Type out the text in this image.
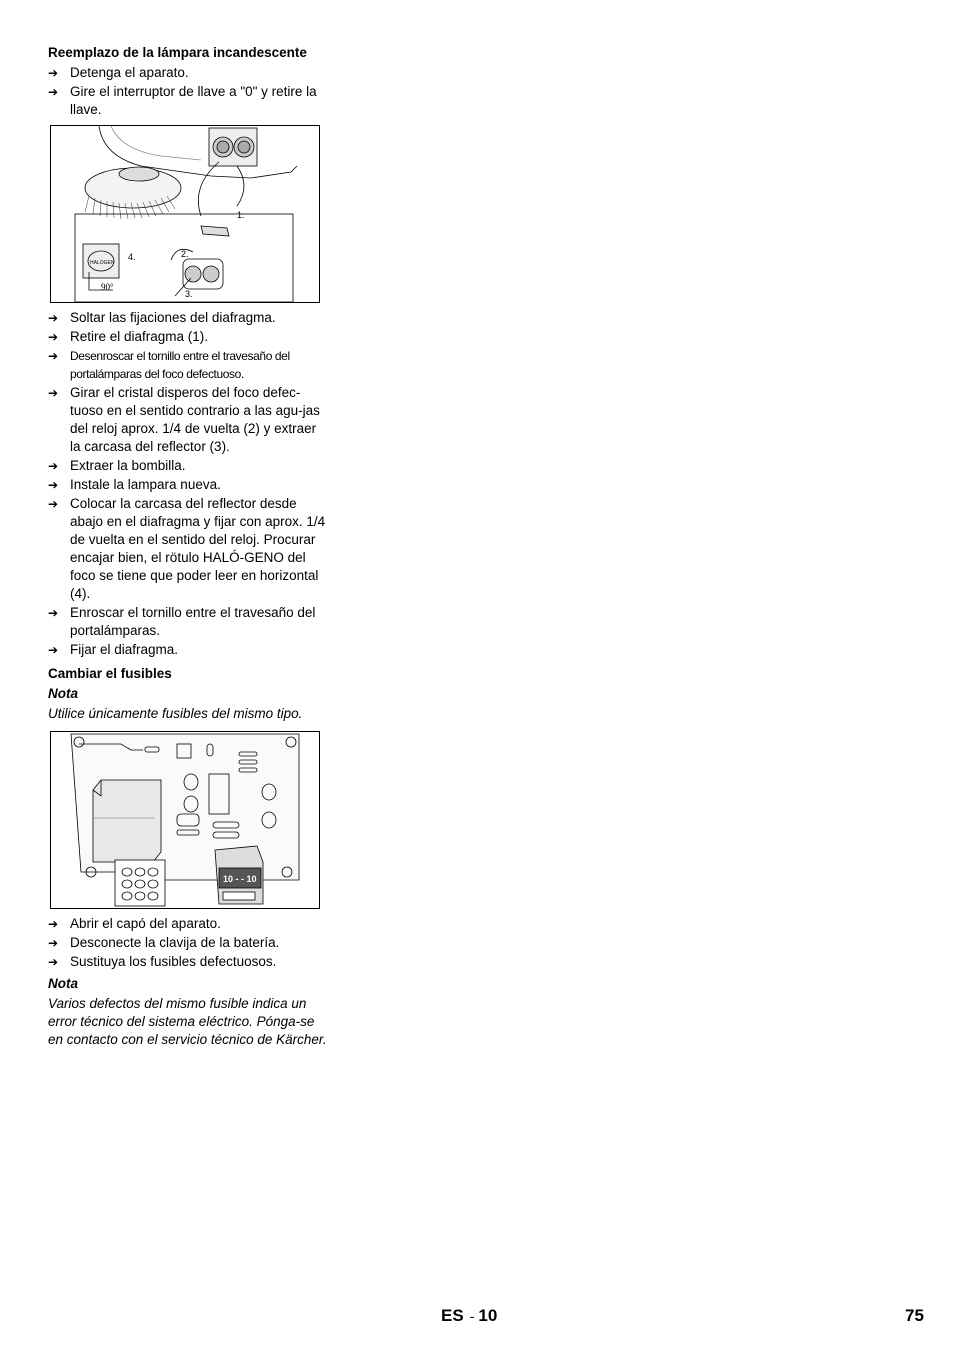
Reemplazo de la lámpara incandescente
➔ Detenga el aparato.
➔ Gire el interruptor de llave a "0" y retire la llave.
1.
2.
3.
4.
HALOGEN
90°
➔ Soltar las fijaciones del diafragma.
➔ Retire el diafragma (1).
➔ Desenroscar el tornillo entre el travesaño del portalámparas del foco defectuoso.
➔ Girar el cristal disperos del foco defec-tuoso en el sentido contrario a las agu-jas del reloj aprox. 1/4 de vuelta (2) y extraer la carcasa del reflector (3).
➔ Extraer la bombilla.
➔ Instale la lampara nueva.
➔ Colocar la carcasa del reflector desde abajo en el diafragma y fijar con aprox. 1/4 de vuelta en el sentido del reloj. Procurar encajar bien, el rötulo HALÓ-GENO del foco se tiene que poder leer en horizontal (4).
➔ Enroscar el tornillo entre el travesaño del portalámparas.
➔ Fijar el diafragma.
Cambiar el fusibles
Nota
Utilice únicamente fusibles del mismo tipo.
10 - - 10
➔ Abrir el capó del aparato.
➔ Desconecte la clavija de la batería.
➔ Sustituya los fusibles defectuosos.
Nota
Varios defectos del mismo fusible indica un error técnico del sistema eléctrico. Pónga-se en contacto con el servicio técnico de Kärcher.
ES - 10	75
